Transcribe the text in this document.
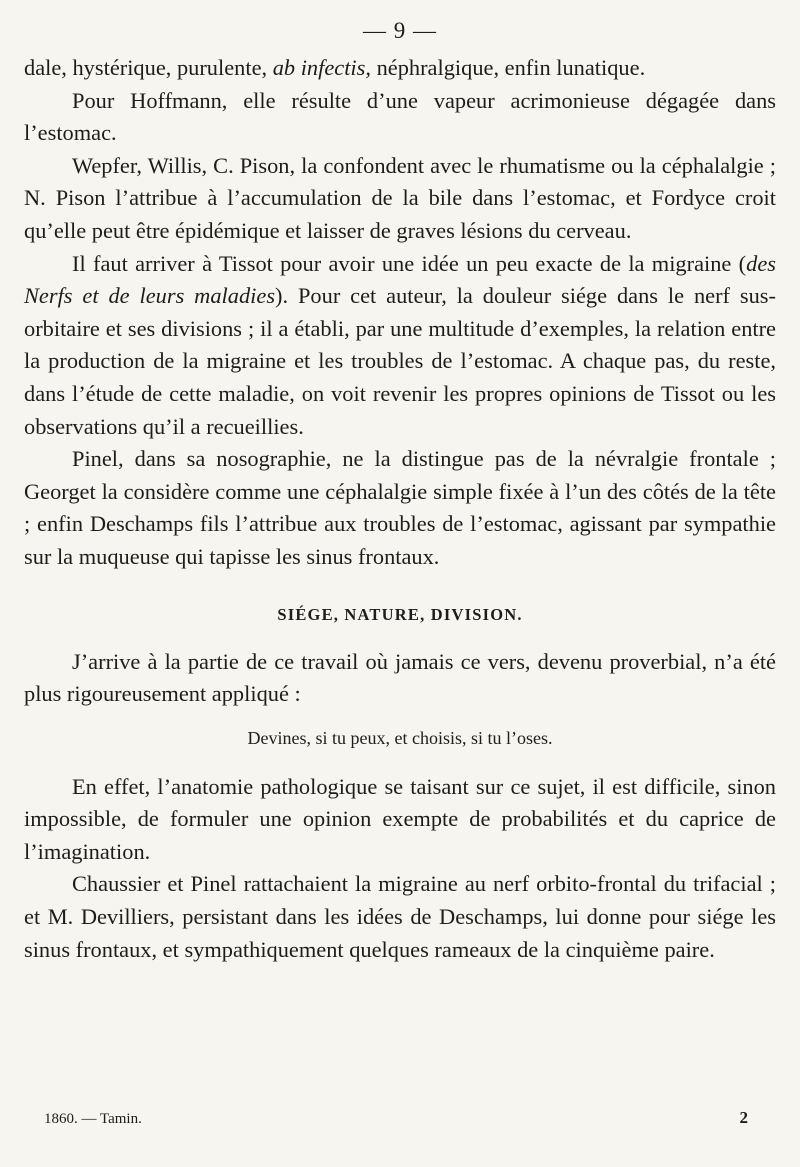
— 9 —

dale, hystérique, purulente, ab infectis, néphralgique, enfin lunatique.

Pour Hoffmann, elle résulte d’une vapeur acrimonieuse dégagée dans l’estomac.

Wepfer, Willis, C. Pison, la confondent avec le rhumatisme ou la céphalalgie ; N. Pison l’attribue à l’accumulation de la bile dans l’estomac, et Fordyce croit qu’elle peut être épidémique et laisser de graves lésions du cerveau.

Il faut arriver à Tissot pour avoir une idée un peu exacte de la migraine (des Nerfs et de leurs maladies). Pour cet auteur, la douleur siége dans le nerf sus-orbitaire et ses divisions ; il a établi, par une multitude d’exemples, la relation entre la production de la migraine et les troubles de l’estomac. A chaque pas, du reste, dans l’étude de cette maladie, on voit revenir les propres opinions de Tissot ou les observations qu’il a recueillies.

Pinel, dans sa nosographie, ne la distingue pas de la névralgie frontale ; Georget la considère comme une céphalalgie simple fixée à l’un des côtés de la tête ; enfin Deschamps fils l’attribue aux troubles de l’estomac, agissant par sympathie sur la muqueuse qui tapisse les sinus frontaux.

SIÉGE, NATURE, DIVISION.

J’arrive à la partie de ce travail où jamais ce vers, devenu proverbial, n’a été plus rigoureusement appliqué :

Devines, si tu peux, et choisis, si tu l’oses.

En effet, l’anatomie pathologique se taisant sur ce sujet, il est difficile, sinon impossible, de formuler une opinion exempte de probabilités et du caprice de l’imagination.

Chaussier et Pinel rattachaient la migraine au nerf orbito-frontal du trifacial ; et M. Devilliers, persistant dans les idées de Deschamps, lui donne pour siége les sinus frontaux, et sympathiquement quelques rameaux de la cinquième paire.

1860. — Tamin.	2
